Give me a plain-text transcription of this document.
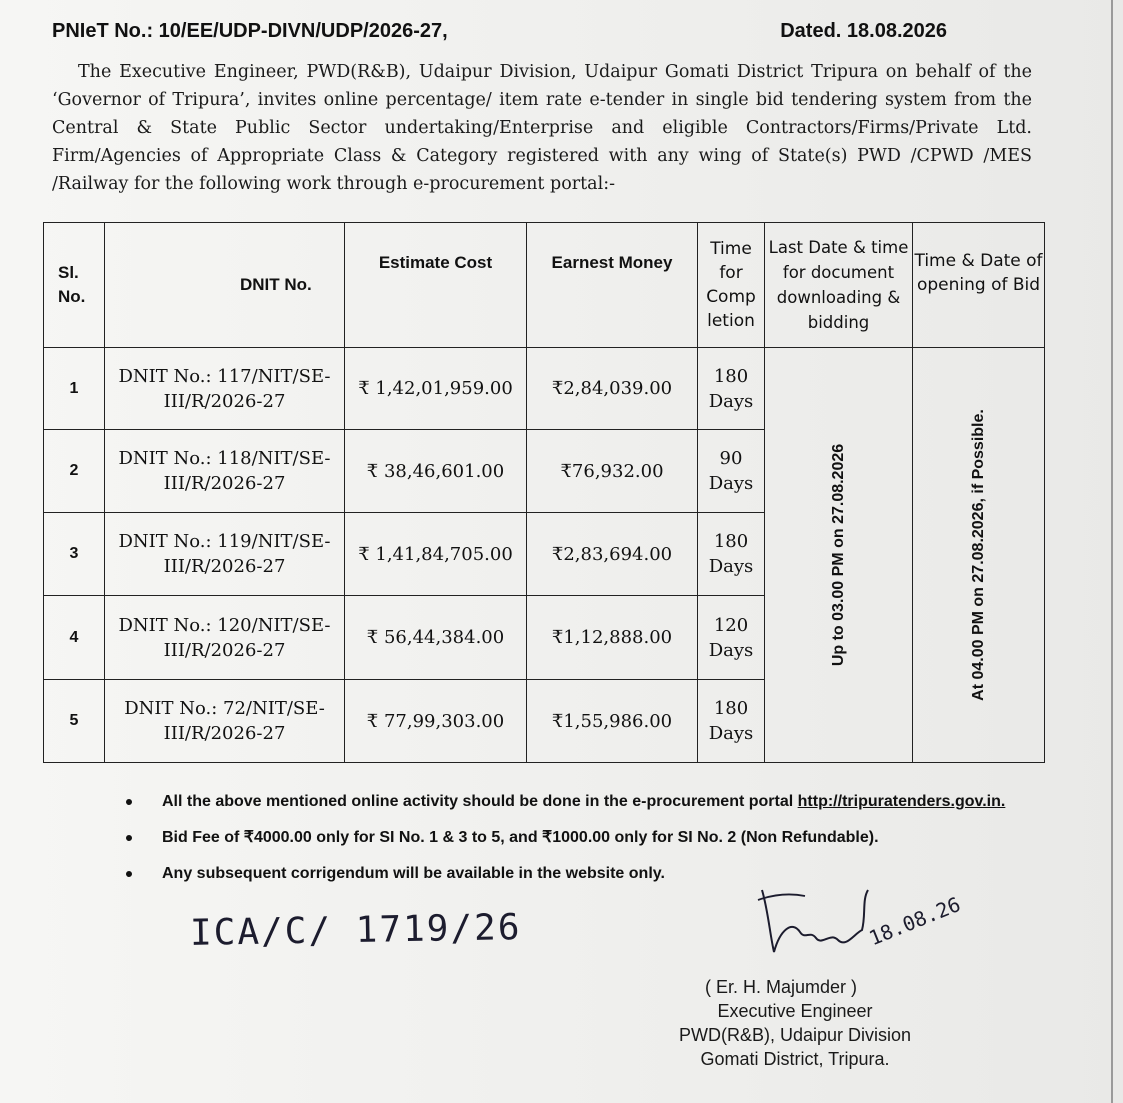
PNIeT No.: 10/EE/UDP-DIVN/UDP/2026-27,	Dated. 18.08.2026
The Executive Engineer, PWD(R&B), Udaipur Division, Udaipur Gomati District Tripura on behalf of the ‘Governor of Tripura’, invites online percentage/ item rate e-tender in single bid tendering system from the Central & State Public Sector undertaking/Enterprise and eligible Contractors/Firms/Private Ltd. Firm/Agencies of Appropriate Class & Category registered with any wing of State(s) PWD /CPWD /MES /Railway for the following work through e-procurement portal:-
Sl. No.	DNIT No.	Estimate Cost	Earnest Money	Time for Comp letion	Last Date & time for document downloading & bidding	Time & Date of opening of Bid
1	DNIT No.: 117/NIT/SE-III/R/2026-27	₹ 1,42,01,959.00	₹2,84,039.00	180 Days	Up to 03.00 PM on 27.08.2026	At 04.00 PM on 27.08.2026, if Possible.

2	DNIT No.: 118/NIT/SE-III/R/2026-27	₹ 38,46,601.00	₹76,932.00	90 Days		
3	DNIT No.: 119/NIT/SE-III/R/2026-27	₹ 1,41,84,705.00	₹2,83,694.00	180 Days		
4	DNIT No.: 120/NIT/SE-III/R/2026-27	₹ 56,44,384.00	₹1,12,888.00	120 Days		
5	DNIT No.: 72/NIT/SE-III/R/2026-27	₹ 77,99,303.00	₹1,55,986.00	180 Days		
All the above mentioned online activity should be done in the e-procurement portal http://tripuratenders.gov.in.
Bid Fee of ₹4000.00 only for SI No. 1 & 3 to 5, and ₹1000.00 only for SI No. 2 (Non Refundable).
Any subsequent corrigendum will be available in the website only.
ICA/C/ 1719/26	18.08.26
( Er. H. Majumder )
Executive Engineer
PWD(R&B), Udaipur Division
Gomati District, Tripura.
